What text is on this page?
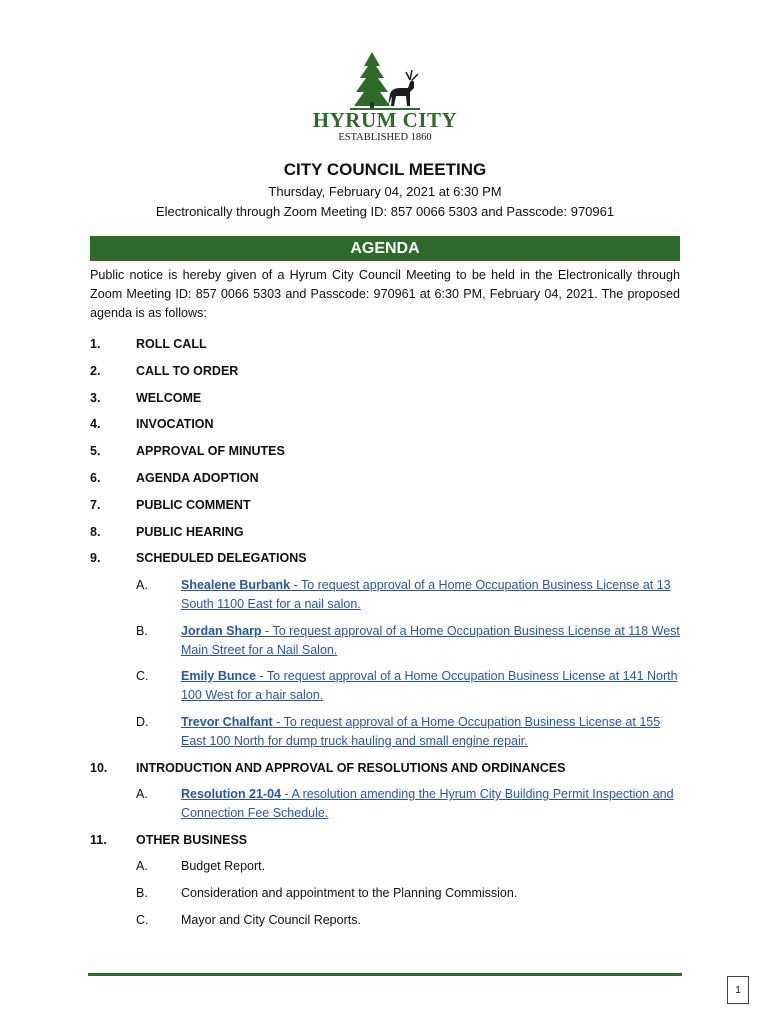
HYRUM CITY
ESTABLISHED 1860
CITY COUNCIL MEETING
Thursday, February 04, 2021 at 6:30 PM
Electronically through Zoom Meeting ID: 857 0066 5303 and Passcode: 970961
AGENDA
Public notice is hereby given of a Hyrum City Council Meeting to be held in the Electronically through Zoom Meeting ID: 857 0066 5303 and Passcode: 970961 at 6:30 PM, February 04, 2021. The proposed agenda is as follows:
1.	ROLL CALL
2.	CALL TO ORDER
3.	WELCOME
4.	INVOCATION
5.	APPROVAL OF MINUTES
6.	AGENDA ADOPTION
7.	PUBLIC COMMENT
8.	PUBLIC HEARING
9.	SCHEDULED DELEGATIONS
A.	Shealene Burbank - To request approval of a Home Occupation Business License at 13 South 1100 East for a nail salon.
B.	Jordan Sharp - To request approval of a Home Occupation Business License at 118 West Main Street for a Nail Salon.
C.	Emily Bunce - To request approval of a Home Occupation Business License at 141 North 100 West for a hair salon.
D.	Trevor Chalfant - To request approval of a Home Occupation Business License at 155 East 100 North for dump truck hauling and small engine repair.
10. INTRODUCTION AND APPROVAL OF RESOLUTIONS AND ORDINANCES
A.	Resolution 21-04 - A resolution amending the Hyrum City Building Permit Inspection and Connection Fee Schedule.
11. OTHER BUSINESS
A.	Budget Report.
B.	Consideration and appointment to the Planning Commission.
C.	Mayor and City Council Reports.
1
